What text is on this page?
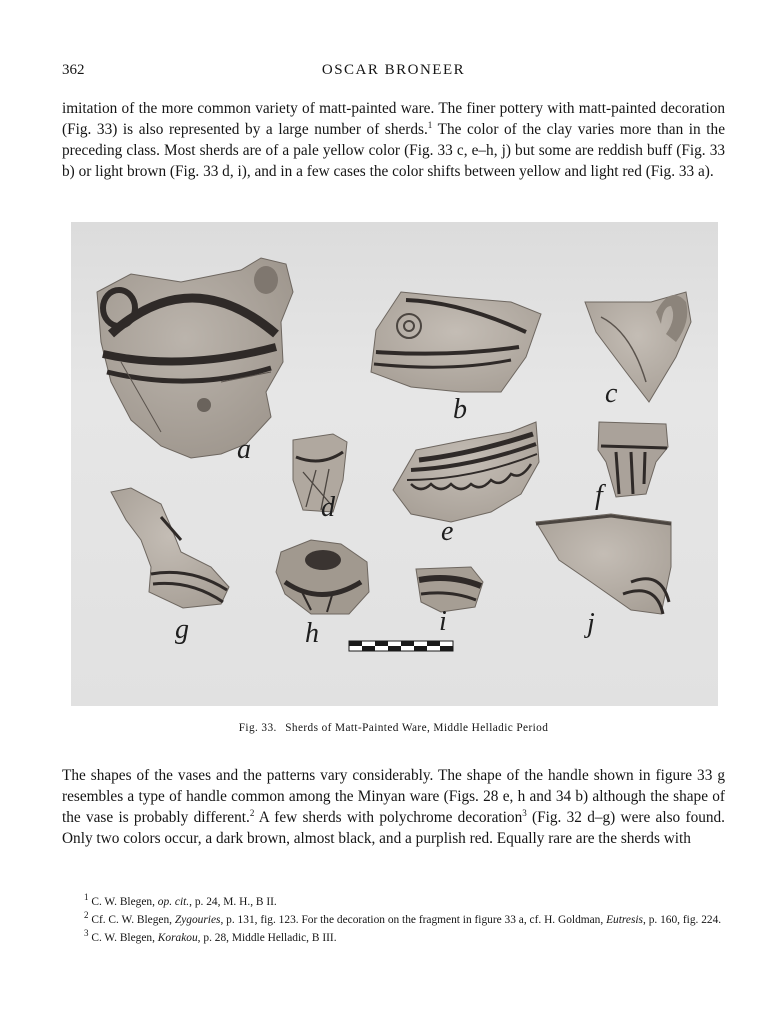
362	OSCAR BRONEER

imitation of the more common variety of matt-painted ware. The finer pottery with matt-painted decoration (Fig. 33) is also represented by a large number of sherds.$^1$ The color of the clay varies more than in the preceding class. Most sherds are of a pale yellow color (Fig. 33 c, e–h, j) but some are reddish buff (Fig. 33 b) or light brown (Fig. 33 d, i), and in a few cases the color shifts between yellow and light red (Fig. 33 a).

a
b
c
d
e
f
g	h	i	j
Fig. 33. Sherds of Matt-Painted Ware, Middle Helladic Period

The shapes of the vases and the patterns vary considerably. The shape of the handle shown in figure 33 g resembles a type of handle common among the Minyan ware (Figs. 28 e, h and 34 b) although the shape of the vase is probably different.$^2$ A few sherds with polychrome decoration$^3$ (Fig. 32 d–g) were also found. Only two colors occur, a dark brown, almost black, and a purplish red. Equally rare are the sherds with

$^1$ C. W. Blegen, op. cit., p. 24, M. H., B II.

$^2$ Cf. C. W. Blegen, Zygouries, p. 131, fig. 123. For the decoration on the fragment in figure 33 a, cf. H. Goldman, Eutresis, p. 160, fig. 224.

$^3$ C. W. Blegen, Korakou, p. 28, Middle Helladic, B III.
